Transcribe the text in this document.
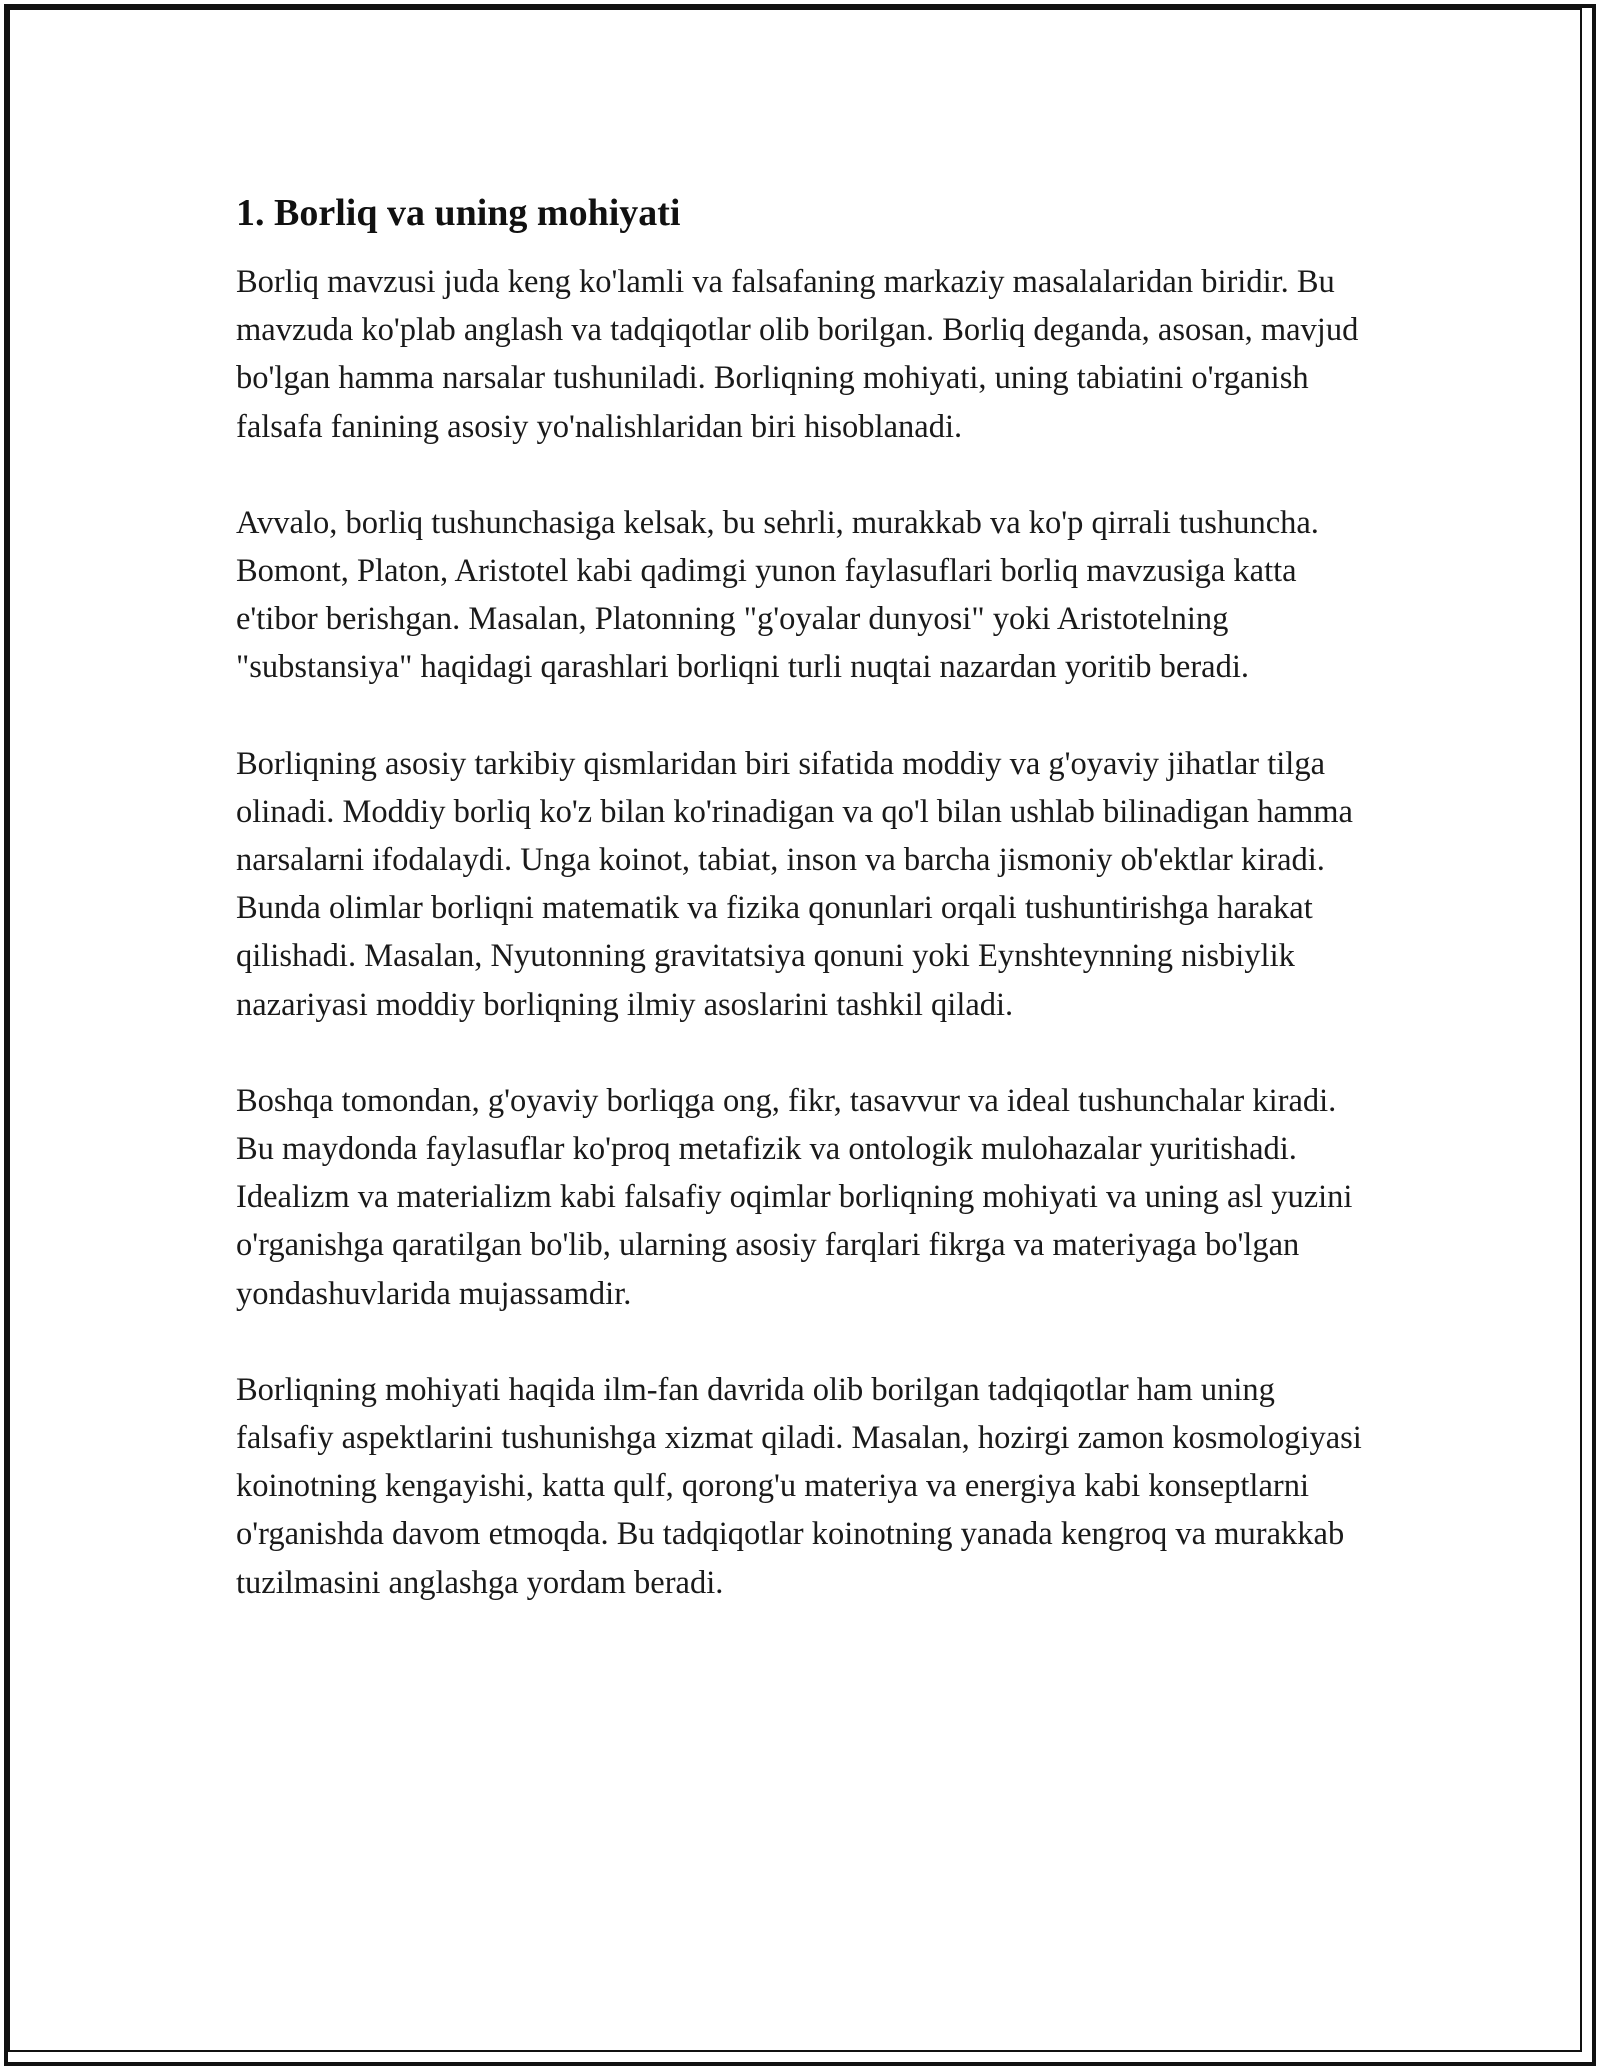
1. Borliq va uning mohiyati

Borliq mavzusi juda keng ko'lamli va falsafaning markaziy masalalaridan biridir. Bu mavzuda ko'plab anglash va tadqiqotlar olib borilgan. Borliq deganda, asosan, mavjud bo'lgan hamma narsalar tushuniladi. Borliqning mohiyati, uning tabiatini o'rganish falsafa fanining asosiy yo'nalishlaridan biri hisoblanadi.

Avvalo, borliq tushunchasiga kelsak, bu sehrli, murakkab va ko'p qirrali tushuncha. Bomont, Platon, Aristotel kabi qadimgi yunon faylasuflari borliq mavzusiga katta e'tibor berishgan. Masalan, Platonning "g'oyalar dunyosi" yoki Aristotelning "substansiya" haqidagi qarashlari borliqni turli nuqtai nazardan yoritib beradi.

Borliqning asosiy tarkibiy qismlaridan biri sifatida moddiy va g'oyaviy jihatlar tilga olinadi. Moddiy borliq ko'z bilan ko'rinadigan va qo'l bilan ushlab bilinadigan hamma narsalarni ifodalaydi. Unga koinot, tabiat, inson va barcha jismoniy ob'ektlar kiradi. Bunda olimlar borliqni matematik va fizika qonunlari orqali tushuntirishga harakat qilishadi. Masalan, Nyutonning gravitatsiya qonuni yoki Eynshteynning nisbiylik nazariyasi moddiy borliqning ilmiy asoslarini tashkil qiladi.

Boshqa tomondan, g'oyaviy borliqga ong, fikr, tasavvur va ideal tushunchalar kiradi. Bu maydonda faylasuflar ko'proq metafizik va ontologik mulohazalar yuritishadi. Idealizm va materializm kabi falsafiy oqimlar borliqning mohiyati va uning asl yuzini o'rganishga qaratilgan bo'lib, ularning asosiy farqlari fikrga va materiyaga bo'lgan yondashuvlarida mujassamdir.

Borliqning mohiyati haqida ilm-fan davrida olib borilgan tadqiqotlar ham uning falsafiy aspektlarini tushunishga xizmat qiladi. Masalan, hozirgi zamon kosmologiyasi koinotning kengayishi, katta qulf, qorong'u materiya va energiya kabi konseptlarni o'rganishda davom etmoqda. Bu tadqiqotlar koinotning yanada kengroq va murakkab tuzilmasini anglashga yordam beradi.
